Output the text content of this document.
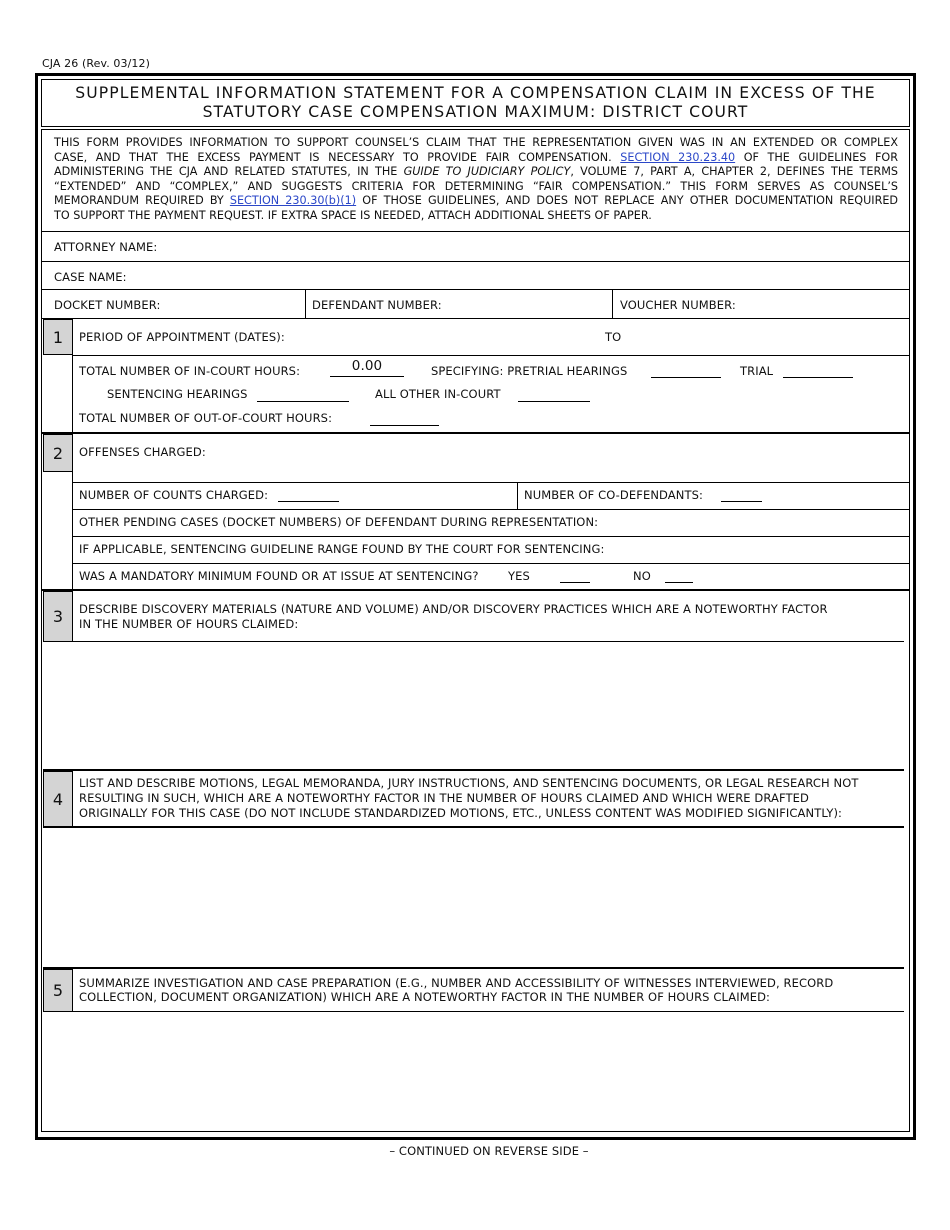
CJA 26 (Rev. 03/12)
SUPPLEMENTAL INFORMATION STATEMENT FOR A COMPENSATION CLAIM IN EXCESS OF THE
STATUTORY CASE COMPENSATION MAXIMUM: DISTRICT COURT
THIS FORM PROVIDES INFORMATION TO SUPPORT COUNSEL’S CLAIM THAT THE REPRESENTATION GIVEN WAS IN AN EXTENDED OR COMPLEX
CASE, AND THAT THE EXCESS PAYMENT IS NECESSARY TO PROVIDE FAIR COMPENSATION. SECTION 230.23.40 OF THE GUIDELINES FOR
ADMINISTERING THE CJA AND RELATED STATUTES, IN THE GUIDE TO JUDICIARY POLICY, VOLUME 7, PART A, CHAPTER 2, DEFINES THE TERMS
“EXTENDED” AND “COMPLEX,” AND SUGGESTS CRITERIA FOR DETERMINING “FAIR COMPENSATION.” THIS FORM SERVES AS COUNSEL’S
MEMORANDUM REQUIRED BY SECTION 230.30(b)(1) OF THOSE GUIDELINES, AND DOES NOT REPLACE ANY OTHER DOCUMENTATION REQUIRED
TO SUPPORT THE PAYMENT REQUEST. IF EXTRA SPACE IS NEEDED, ATTACH ADDITIONAL SHEETS OF PAPER.
ATTORNEY NAME:
CASE NAME:
DOCKET NUMBER:	DEFENDANT NUMBER:	VOUCHER NUMBER:
1	PERIOD OF APPOINTMENT (DATES):	TO
TOTAL NUMBER OF IN-COURT HOURS:	0.00	SPECIFYING: PRETRIAL HEARINGS	TRIAL
SENTENCING HEARINGS	ALL OTHER IN-COURT
TOTAL NUMBER OF OUT-OF-COURT HOURS:
2	OFFENSES CHARGED:
NUMBER OF COUNTS CHARGED:	NUMBER OF CO-DEFENDANTS:
OTHER PENDING CASES (DOCKET NUMBERS) OF DEFENDANT DURING REPRESENTATION:
IF APPLICABLE, SENTENCING GUIDELINE RANGE FOUND BY THE COURT FOR SENTENCING:
WAS A MANDATORY MINIMUM FOUND OR AT ISSUE AT SENTENCING?	YES	NO
3	DESCRIBE DISCOVERY MATERIALS (NATURE AND VOLUME) AND/OR DISCOVERY PRACTICES WHICH ARE A NOTEWORTHY FACTOR
IN THE NUMBER OF HOURS CLAIMED:
4
LIST AND DESCRIBE MOTIONS, LEGAL MEMORANDA, JURY INSTRUCTIONS, AND SENTENCING DOCUMENTS, OR LEGAL RESEARCH NOT
RESULTING IN SUCH, WHICH ARE A NOTEWORTHY FACTOR IN THE NUMBER OF HOURS CLAIMED AND WHICH WERE DRAFTED
ORIGINALLY FOR THIS CASE (DO NOT INCLUDE STANDARDIZED MOTIONS, ETC., UNLESS CONTENT WAS MODIFIED SIGNIFICANTLY):
5	SUMMARIZE INVESTIGATION AND CASE PREPARATION (E.G., NUMBER AND ACCESSIBILITY OF WITNESSES INTERVIEWED, RECORD
COLLECTION, DOCUMENT ORGANIZATION) WHICH ARE A NOTEWORTHY FACTOR IN THE NUMBER OF HOURS CLAIMED:
– CONTINUED ON REVERSE SIDE –
